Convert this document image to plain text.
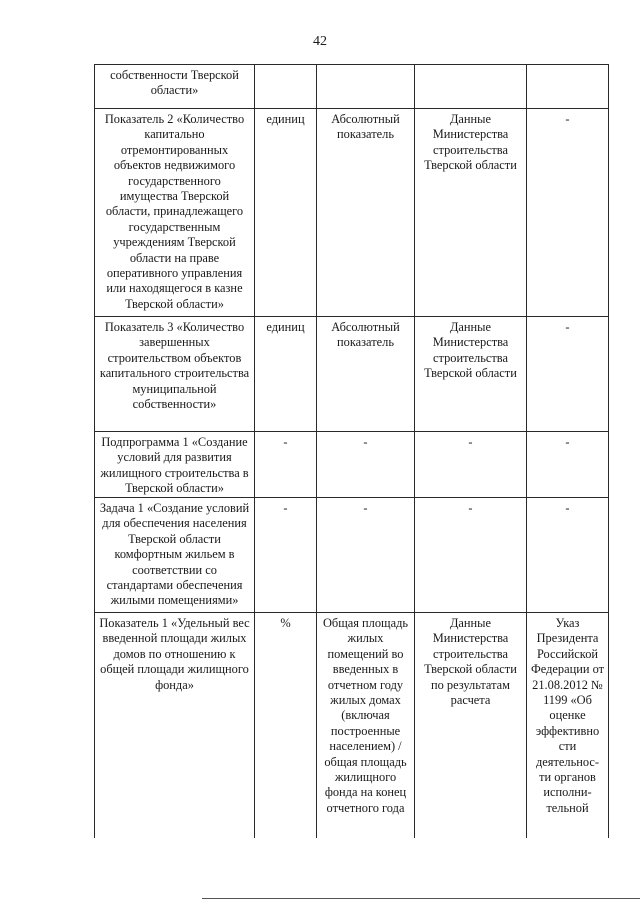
42
собственности Тверской области»				
Показатель 2 «Количество капитально отремонтированных объектов недвижимого государственного имущества Тверской области, принадлежащего государственным учреждениям Тверской области на праве оперативного управления или находящегося в казне Тверской области»	единиц	Абсолютный показатель	Данные Министерства строительства Тверской области	-
Показатель 3 «Количество завершенных строительством объектов капитального строительства муниципальной собственности»	единиц	Абсолютный показатель	Данные Министерства строительства Тверской области	-
Подпрограмма 1 «Создание условий для развития жилищного строительства в Тверской области»	-	-	-	-
Задача 1 «Создание условий для обеспечения населения Тверской области комфортным жильем в соответствии со стандартами обеспечения жилыми помещениями»	-	-	-	-
Показатель 1 «Удельный вес введенной площади жилых домов по отношению к общей площади жилищного фонда»	%	Общая площадь жилых помещений во введенных в отчетном году жилых домах (включая построенные населением) / общая площадь жилищного фонда на конец отчетного года	Данные Министерства строительства Тверской области по результатам расчета	Указ Президента Российской Федерации от 21.08.2012 № 1199 «Об оценке эффективно сти деятельнос- ти органов исполни- тельной
